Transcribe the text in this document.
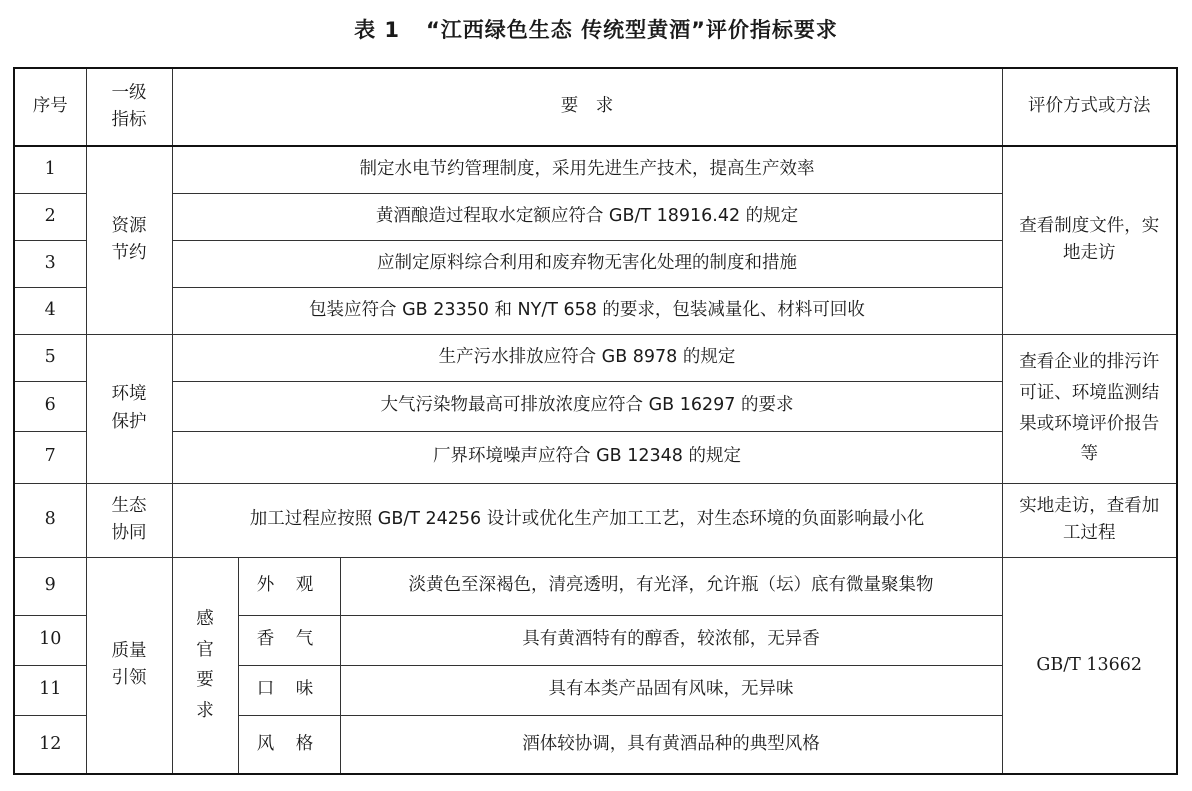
表 1 “江西绿色生态 传统型黄酒”评价指标要求
序号	一级指标	要　求			评价方式或方法
1	资源节约	制定水电节约管理制度，采用先进生产技术，提高生产效率			查看制度文件，实地走访
2		黄酒酿造过程取水定额应符合 GB/T 18916.42 的规定			
3		应制定原料综合利用和废弃物无害化处理的制度和措施			
4		包装应符合 GB 23350 和 NY/T 658 的要求，包装减量化、材料可回收			
5	环境保护	生产污水排放应符合 GB 8978 的规定			查看企业的排污许可证、环境监测结果或环境评价报告等
6		大气污染物最高可排放浓度应符合 GB 16297 的要求			
7		厂界环境噪声应符合 GB 12348 的规定			
8	生态协同	加工过程应按照 GB/T 24256 设计或优化生产加工工艺，对生态环境的负面影响最小化			实地走访，查看加工过程
9	质量引领	感官要求	外 观	淡黄色至深褐色，清亮透明，有光泽，允许瓶（坛）底有微量聚集物	GB/T 13662
10			香 气	具有黄酒特有的醇香，较浓郁，无异香	
11			口 味	具有本类产品固有风味，无异味	
12			风 格	酒体较协调，具有黄酒品种的典型风格	
